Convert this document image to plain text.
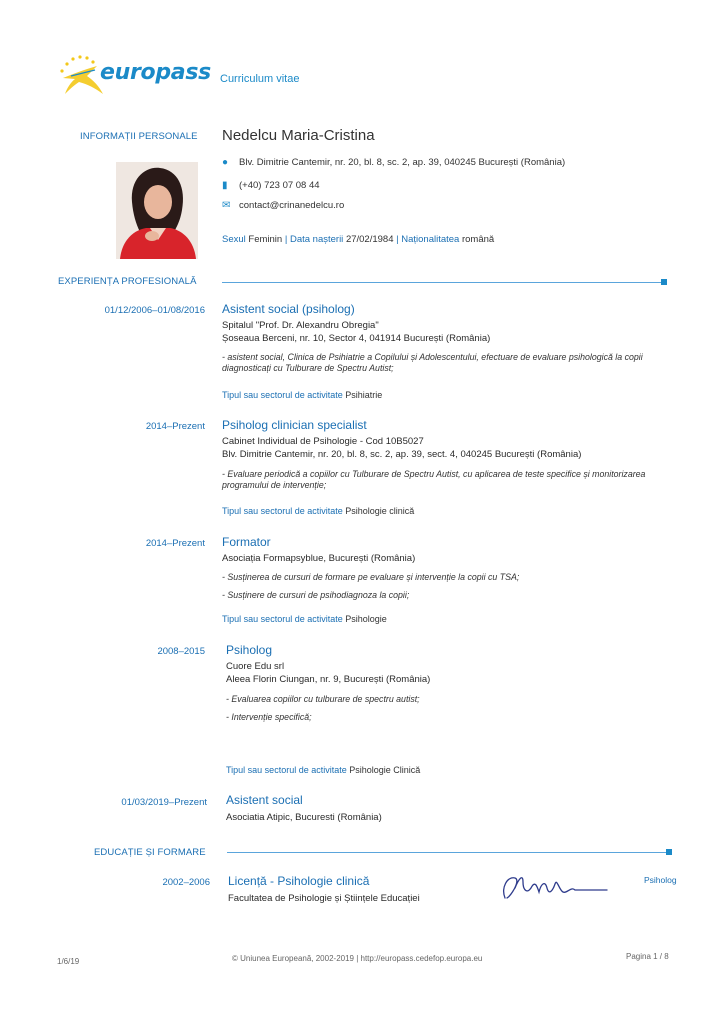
europass Curriculum vitae
INFORMAȚII PERSONALE Nedelcu Maria-Cristina
● Blv. Dimitrie Cantemir, nr. 20, bl. 8, sc. 2, ap. 39, 040245 București (România)
▮ (+40) 723 07 08 44
✉ contact@crinanedelcu.ro
Sexul Feminin | Data nașterii 27/02/1984 | Naționalitatea română
EXPERIENȚA PROFESIONALĂ
01/12/2006–01/08/2016 Asistent social (psiholog)
Spitalul "Prof. Dr. Alexandru Obregia"
Șoseaua Berceni, nr. 10, Sector 4, 041914 București (România)
- asistent social, Clinica de Psihiatrie a Copilului și Adolescentului, efectuare de evaluare psihologică la copii diagnosticați cu Tulburare de Spectru Autist;
Tipul sau sectorul de activitate Psihiatrie
2014–Prezent Psiholog clinician specialist
Cabinet Individual de Psihologie - Cod 10B5027
Blv. Dimitrie Cantemir, nr. 20, bl. 8, sc. 2, ap. 39, sect. 4, 040245 București (România)
- Evaluare periodică a copiilor cu Tulburare de Spectru Autist, cu aplicarea de teste specifice și monitorizarea programului de intervenție;
Tipul sau sectorul de activitate Psihologie clinică
2014–Prezent Formator
Asociația Formapsyblue, București (România)
- Susținerea de cursuri de formare pe evaluare și intervenție la copii cu TSA;
- Susținere de cursuri de psihodiagnoza la copii;
Tipul sau sectorul de activitate Psihologie
2008–2015 Psiholog
Cuore Edu srl
Aleea Florin Ciungan, nr. 9, București (România)
- Evaluarea copiilor cu tulburare de spectru autist;
- Intervenție specifică;
Tipul sau sectorul de activitate Psihologie Clinică
01/03/2019–Prezent Asistent social
Asociatia Atipic, Bucuresti (România)
EDUCAȚIE ȘI FORMARE
2002–2006 Licență - Psihologie clinică
Facultatea de Psihologie și Științele Educației
Psiholog
1/6/19	© Uniunea Europeană, 2002-2019 | http://europass.cedefop.europa.eu	Pagina 1 / 8
